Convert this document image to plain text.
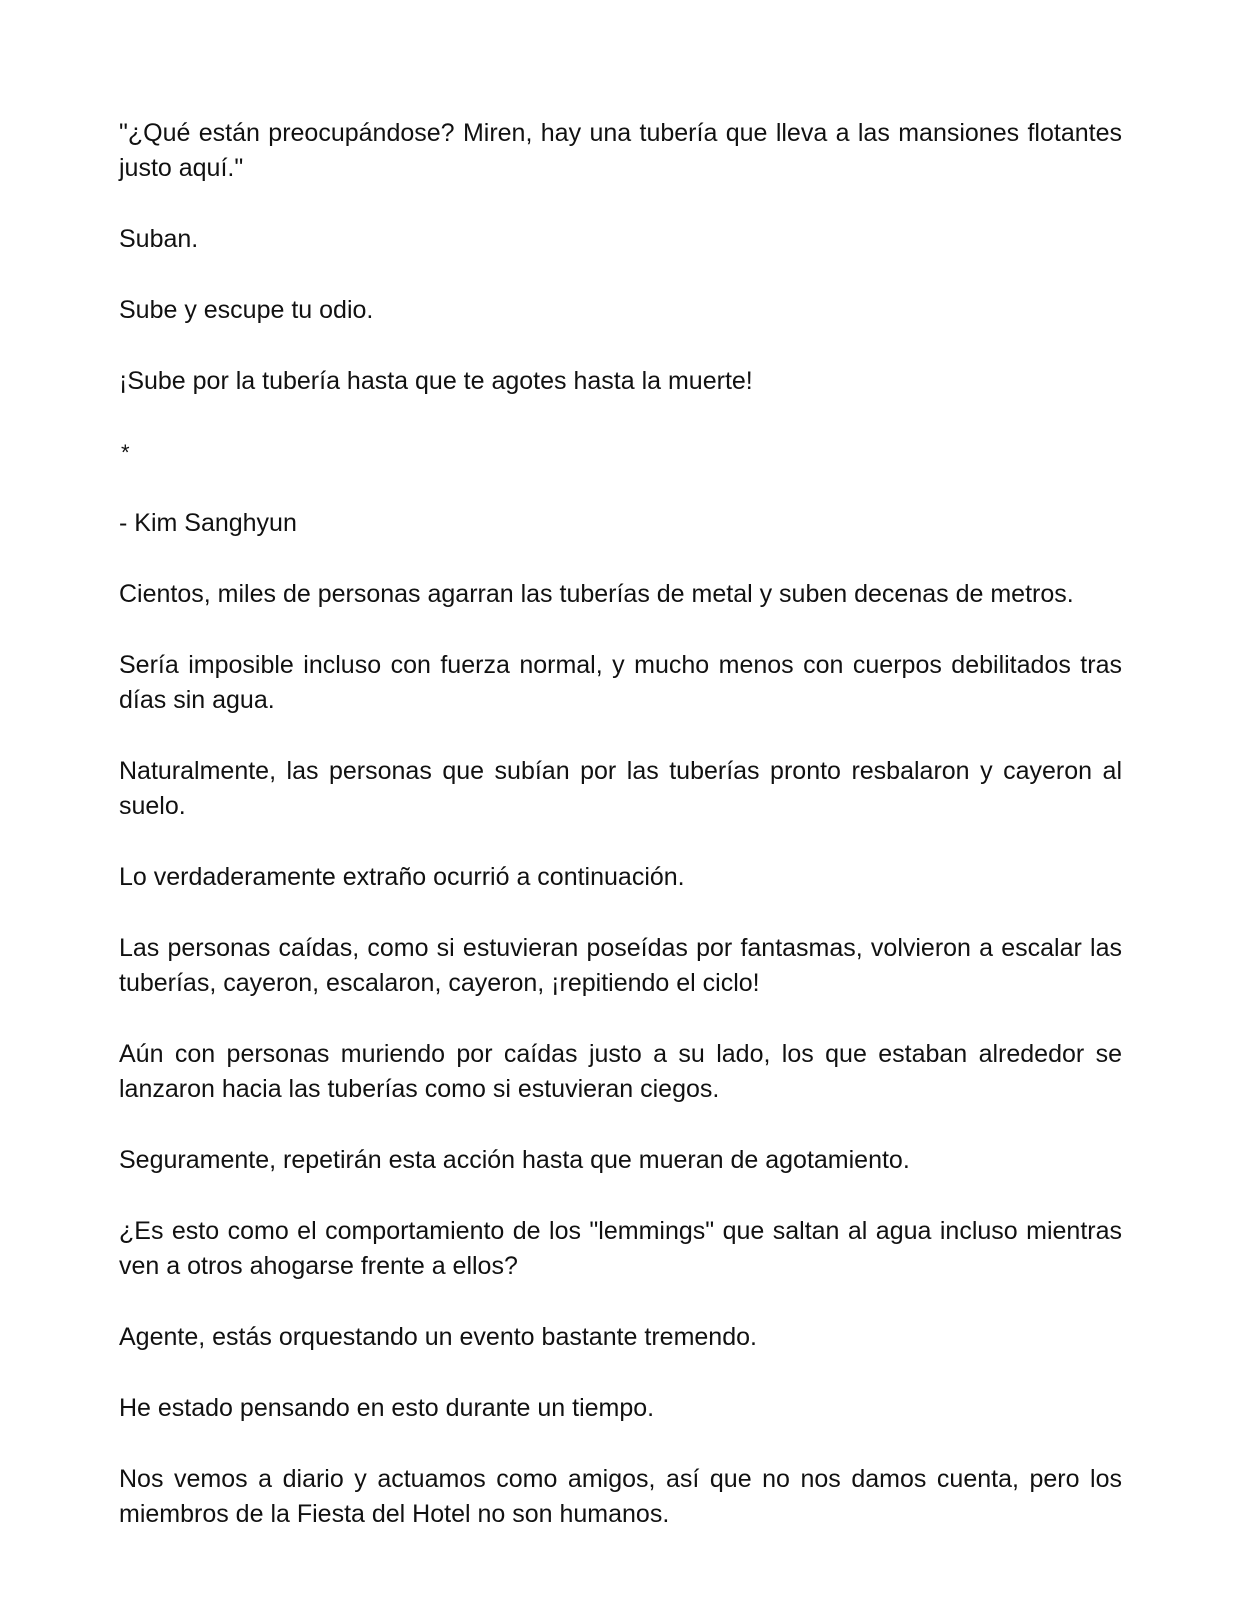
"¿Qué están preocupándose? Miren, hay una tubería que lleva a las mansiones flotantes justo aquí."

Suban.

Sube y escupe tu odio.

¡Sube por la tubería hasta que te agotes hasta la muerte!

*

- Kim Sanghyun

Cientos, miles de personas agarran las tuberías de metal y suben decenas de metros.

Sería imposible incluso con fuerza normal, y mucho menos con cuerpos debilitados tras días sin agua.

Naturalmente, las personas que subían por las tuberías pronto resbalaron y cayeron al suelo.

Lo verdaderamente extraño ocurrió a continuación.

Las personas caídas, como si estuvieran poseídas por fantasmas, volvieron a escalar las tuberías, cayeron, escalaron, cayeron, ¡repitiendo el ciclo!

Aún con personas muriendo por caídas justo a su lado, los que estaban alrededor se lanzaron hacia las tuberías como si estuvieran ciegos.

Seguramente, repetirán esta acción hasta que mueran de agotamiento.

¿Es esto como el comportamiento de los "lemmings" que saltan al agua incluso mientras ven a otros ahogarse frente a ellos?

Agente, estás orquestando un evento bastante tremendo.

He estado pensando en esto durante un tiempo.

Nos vemos a diario y actuamos como amigos, así que no nos damos cuenta, pero los miembros de la Fiesta del Hotel no son humanos.
